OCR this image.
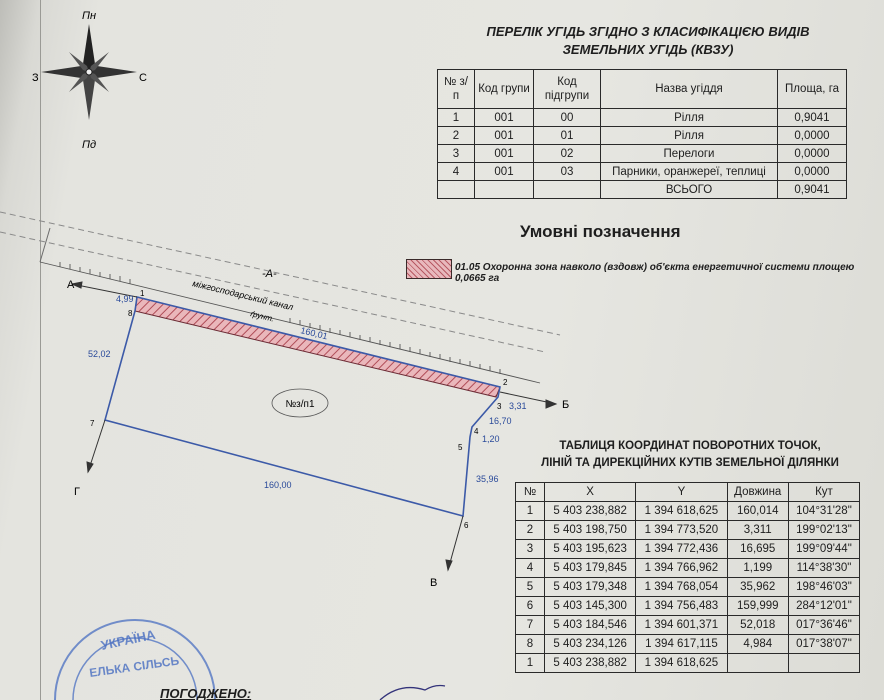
Пн
Пд
З	С
-А-
міжгосподарський канал
ґрунт.
А
Б
В
Г
1
8
2
3
4
5
6
7
160,01
160,00
52,02
35,96
16,70
3,31
1,20
4,99
№з/п1
ПЕРЕЛІК УГІДЬ ЗГІДНО З КЛАСИФІКАЦІЄЮ ВИДІВ
ЗЕМЕЛЬНИХ УГІДЬ (КВЗУ)
№ з/п	Код групи	Код підгрупи	Назва угіддя	Площа, га
1	001	00	Рілля	0,9041
2	001	01	Рілля	0,0000
3	001	02	Перелоги	0,0000
4	001	03	Парники, оранжереї, теплиці	0,0000
			ВСЬОГО	0,9041
Умовні позначення
01.05 Охоронна зона навколо (вздовж) об'єкта енергетичної системи площею 0,0665 га
ТАБЛИЦЯ КООРДИНАТ ПОВОРОТНИХ ТОЧОК,
ЛІНІЙ ТА ДИРЕКЦІЙНИХ КУТІВ ЗЕМЕЛЬНОЇ ДІЛЯНКИ
№	X	Y	Довжина	Кут
1	5 403 238,882	1 394 618,625	160,014	104°31'28"
2	5 403 198,750	1 394 773,520	3,311	199°02'13"
3	5 403 195,623	1 394 772,436	16,695	199°09'44"
4	5 403 179,845	1 394 766,962	1,199	114°38'30"
5	5 403 179,348	1 394 768,054	35,962	198°46'03"
6	5 403 145,300	1 394 756,483	159,999	284°12'01"
7	5 403 184,546	1 394 601,371	52,018	017°36'46"
8	5 403 234,126	1 394 617,115	4,984	017°38'07"
1	5 403 238,882	1 394 618,625		
УКРАЇНА
ЕЛЬКА СІЛЬСЬ
ПОГОДЖЕНО:
